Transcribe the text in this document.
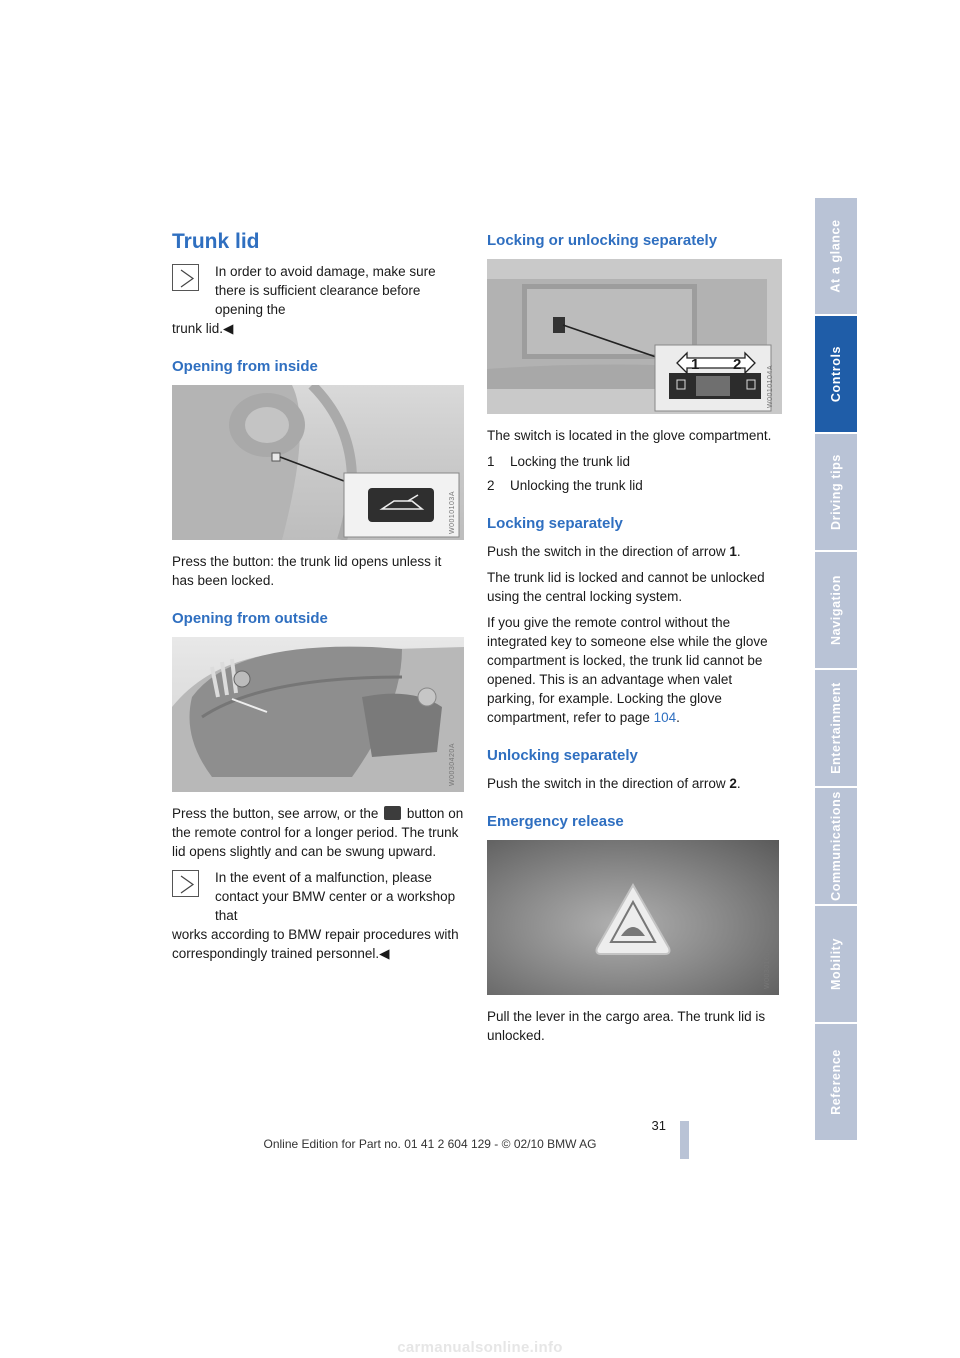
Trunk lid
In order to avoid damage, make sure there is sufficient clearance before opening the
trunk lid.◀
Opening from inside
W0010103A

Press the button: the trunk lid opens unless it has been locked.

Opening from outside
W0030420A

Press the button, see arrow, or the button on the remote control for a longer period. The trunk lid opens slightly and can be swung upward.

In the event of a malfunction, please contact your BMW center or a workshop that
works according to BMW repair procedures with correspondingly trained personnel.◀
Locking or unlocking separately
1 2
W0010104A

The switch is located in the glove compartment.

1	Locking the trunk lid
2	Unlocking the trunk lid
Locking separately

Push the switch in the direction of arrow 1.

The trunk lid is locked and cannot be unlocked using the central locking system.

If you give the remote control without the integrated key to someone else while the glove compartment is locked, the trunk lid cannot be opened. This is an advantage when valet parking, for example. Locking the glove compartment, refer to page 104.

Unlocking separately

Push the switch in the direction of arrow 2.

Emergency release
W0030160A

Pull the lever in the cargo area. The trunk lid is unlocked.

At a glance
Controls
Driving tips
Navigation
Entertainment
Communications
Mobility
Reference
31
Online Edition for Part no. 01 41 2 604 129 - © 02/10 BMW AG
carmanualsonline.info
